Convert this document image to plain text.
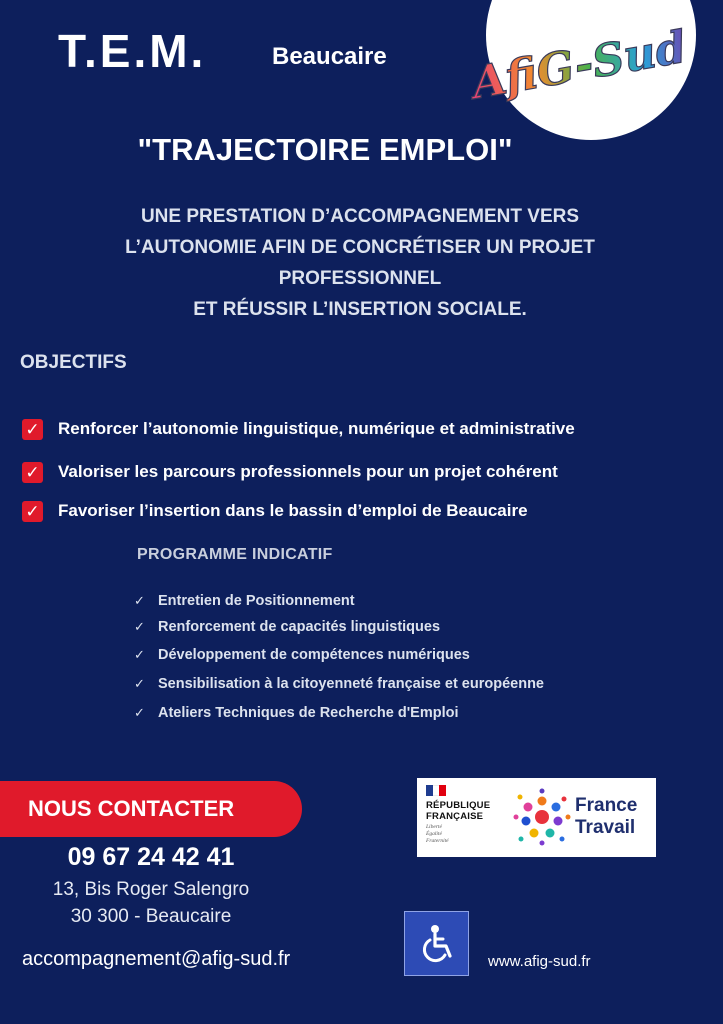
AfiG-Sud
T.E.M.	Beaucaire
"TRAJECTOIRE EMPLOI"
UNE PRESTATION D’ACCOMPAGNEMENT VERS
L’AUTONOMIE AFIN DE CONCRÉTISER UN PROJET
PROFESSIONNEL
ET RÉUSSIR L’INSERTION SOCIALE.
OBJECTIFS
✓ Renforcer l’autonomie linguistique, numérique et administrative
✓ Valoriser les parcours professionnels pour un projet cohérent
✓ Favoriser l’insertion dans le bassin d’emploi de Beaucaire
PROGRAMME INDICATIF
✓ Entretien de Positionnement
✓ Renforcement de capacités linguistiques
✓ Développement de compétences numériques
✓ Sensibilisation à la citoyenneté française et européenne
✓ Ateliers Techniques de Recherche d'Emploi
NOUS CONTACTER
09 67 24 42 41
13, Bis Roger Salengro
30 300 - Beaucaire
accompagnement@afig-sud.fr
RÉPUBLIQUE
FRANÇAISE
Liberté
Égalité
Fraternité
France
Travail
www.afig-sud.fr
